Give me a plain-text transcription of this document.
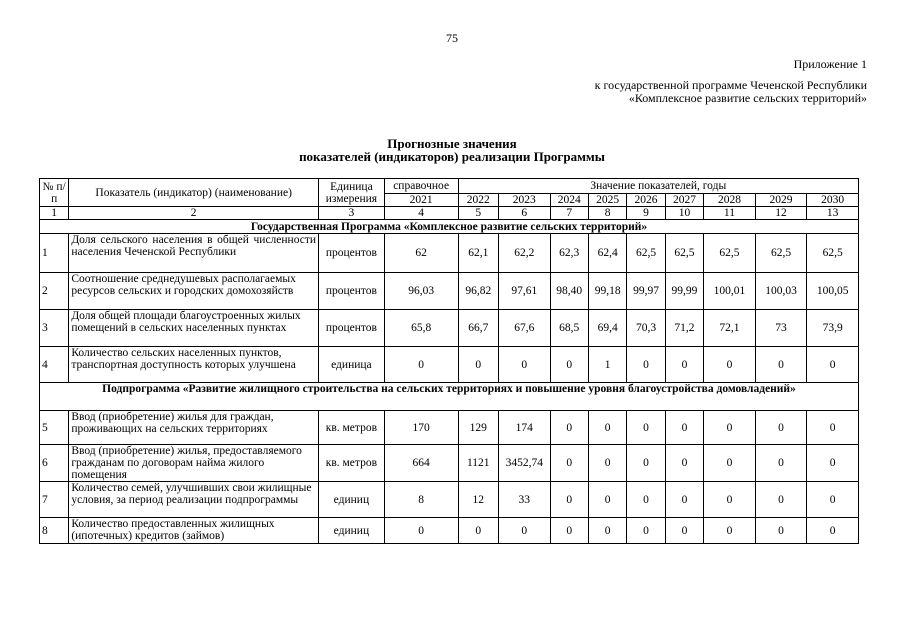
75
Приложение 1
к государственной программе Чеченской Республики
«Комплексное развитие сельских территорий»
Прогнозные значения
показателей (индикаторов) реализации Программы
№ п/п	Показатель (индикатор) (наименование)	Единица измерения	справочное	Значение показателей, годы								
			2021	2022	2023	2024	2025	2026	2027	2028	2029	2030
1	2	3	4	5	6	7	8	9	10	11	12	13
Государственная Программа «Комплексное развитие сельских территорий»												
1	Доля сельского населения в общей численности населения Чеченской Республики	процентов	62	62,1	62,2	62,3	62,4	62,5	62,5	62,5	62,5	62,5
2	Соотношение среднедушевых располагаемых ресурсов сельских и городских домохозяйств	процентов	96,03	96,82	97,61	98,40	99,18	99,97	99,99	100,01	100,03	100,05
3	Доля общей площади благоустроенных жилых помещений в сельских населенных пунктах	процентов	65,8	66,7	67,6	68,5	69,4	70,3	71,2	72,1	73	73,9
4	Количество сельских населенных пунктов, транспортная доступность которых улучшена	единица	0	0	0	0	1	0	0	0	0	0
Подпрограмма «Развитие жилищного строительства на сельских территориях и повышение уровня благоустройства домовладений»												
5	Ввод (приобретение) жилья для граждан, проживающих на сельских территориях	кв. метров	170	129	174	0	0	0	0	0	0	0
6	Ввод (приобретение) жилья, предоставляемого гражданам по договорам найма жилого помещения	кв. метров	664	1121	3452,74	0	0	0	0	0	0	0
7	Количество семей, улучшивших свои жилищные условия, за период реализации подпрограммы	единиц	8	12	33	0	0	0	0	0	0	0
8	Количество предоставленных жилищных (ипотечных) кредитов (займов)	единиц	0	0	0	0	0	0	0	0	0	0
